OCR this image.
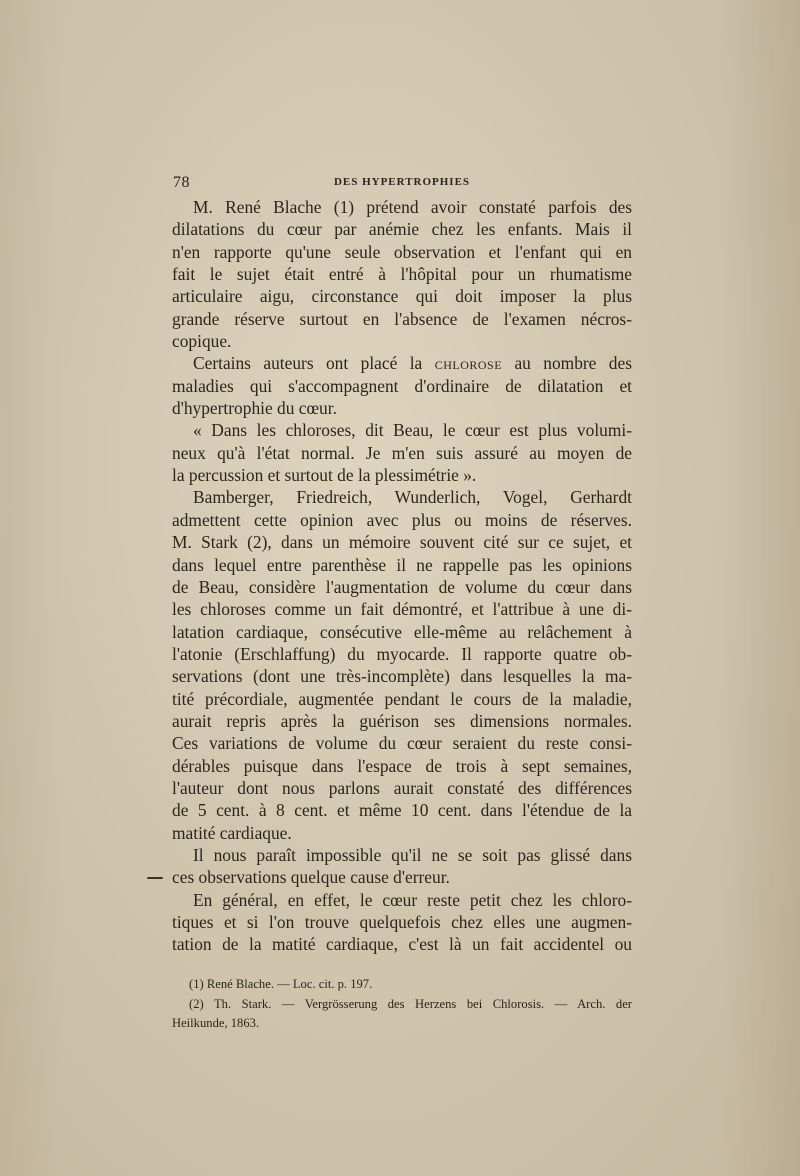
78	DES HYPERTROPHIES
M. René Blache (1) prétend avoir constaté parfois des
dilatations du cœur par anémie chez les enfants. Mais il
n'en rapporte qu'une seule observation et l'enfant qui en
fait le sujet était entré à l'hôpital pour un rhumatisme
articulaire aigu, circonstance qui doit imposer la plus
grande réserve surtout en l'absence de l'examen nécros-
copique.
Certains auteurs ont placé la chlorose au nombre des
maladies qui s'accompagnent d'ordinaire de dilatation et
d'hypertrophie du cœur.
« Dans les chloroses, dit Beau, le cœur est plus volumi-
neux qu'à l'état normal. Je m'en suis assuré au moyen de
la percussion et surtout de la plessimétrie ».
Bamberger, Friedreich, Wunderlich, Vogel, Gerhardt
admettent cette opinion avec plus ou moins de réserves.
M. Stark (2), dans un mémoire souvent cité sur ce sujet, et
dans lequel entre parenthèse il ne rappelle pas les opinions
de Beau, considère l'augmentation de volume du cœur dans
les chloroses comme un fait démontré, et l'attribue à une di-
latation cardiaque, consécutive elle-même au relâchement à
l'atonie (Erschlaffung) du myocarde. Il rapporte quatre ob-
servations (dont une très-incomplète) dans lesquelles la ma-
tité précordiale, augmentée pendant le cours de la maladie,
aurait repris après la guérison ses dimensions normales.
Ces variations de volume du cœur seraient du reste consi-
dérables puisque dans l'espace de trois à sept semaines,
l'auteur dont nous parlons aurait constaté des différences
de 5 cent. à 8 cent. et même 10 cent. dans l'étendue de la
matité cardiaque.
Il nous paraît impossible qu'il ne se soit pas glissé dans
ces observations quelque cause d'erreur.
En général, en effet, le cœur reste petit chez les chloro-
tiques et si l'on trouve quelquefois chez elles une augmen-
tation de la matité cardiaque, c'est là un fait accidentel ou
(1) René Blache. — Loc. cit. p. 197.
(2) Th. Stark. — Vergrösserung des Herzens bei Chlorosis. — Arch. der
Heilkunde, 1863.
